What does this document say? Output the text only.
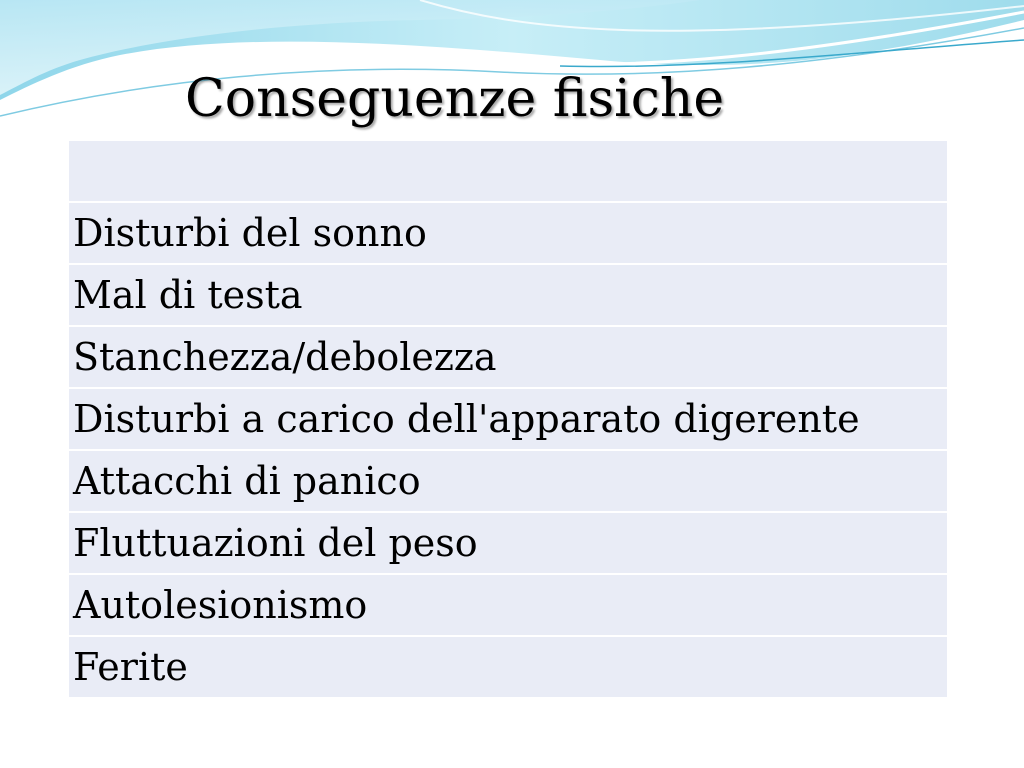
Conseguenze fisiche

Disturbi del sonno
Mal di testa
Stanchezza/debolezza
Disturbi a carico dell'apparato digerente
Attacchi di panico
Fluttuazioni del peso
Autolesionismo
Ferite
